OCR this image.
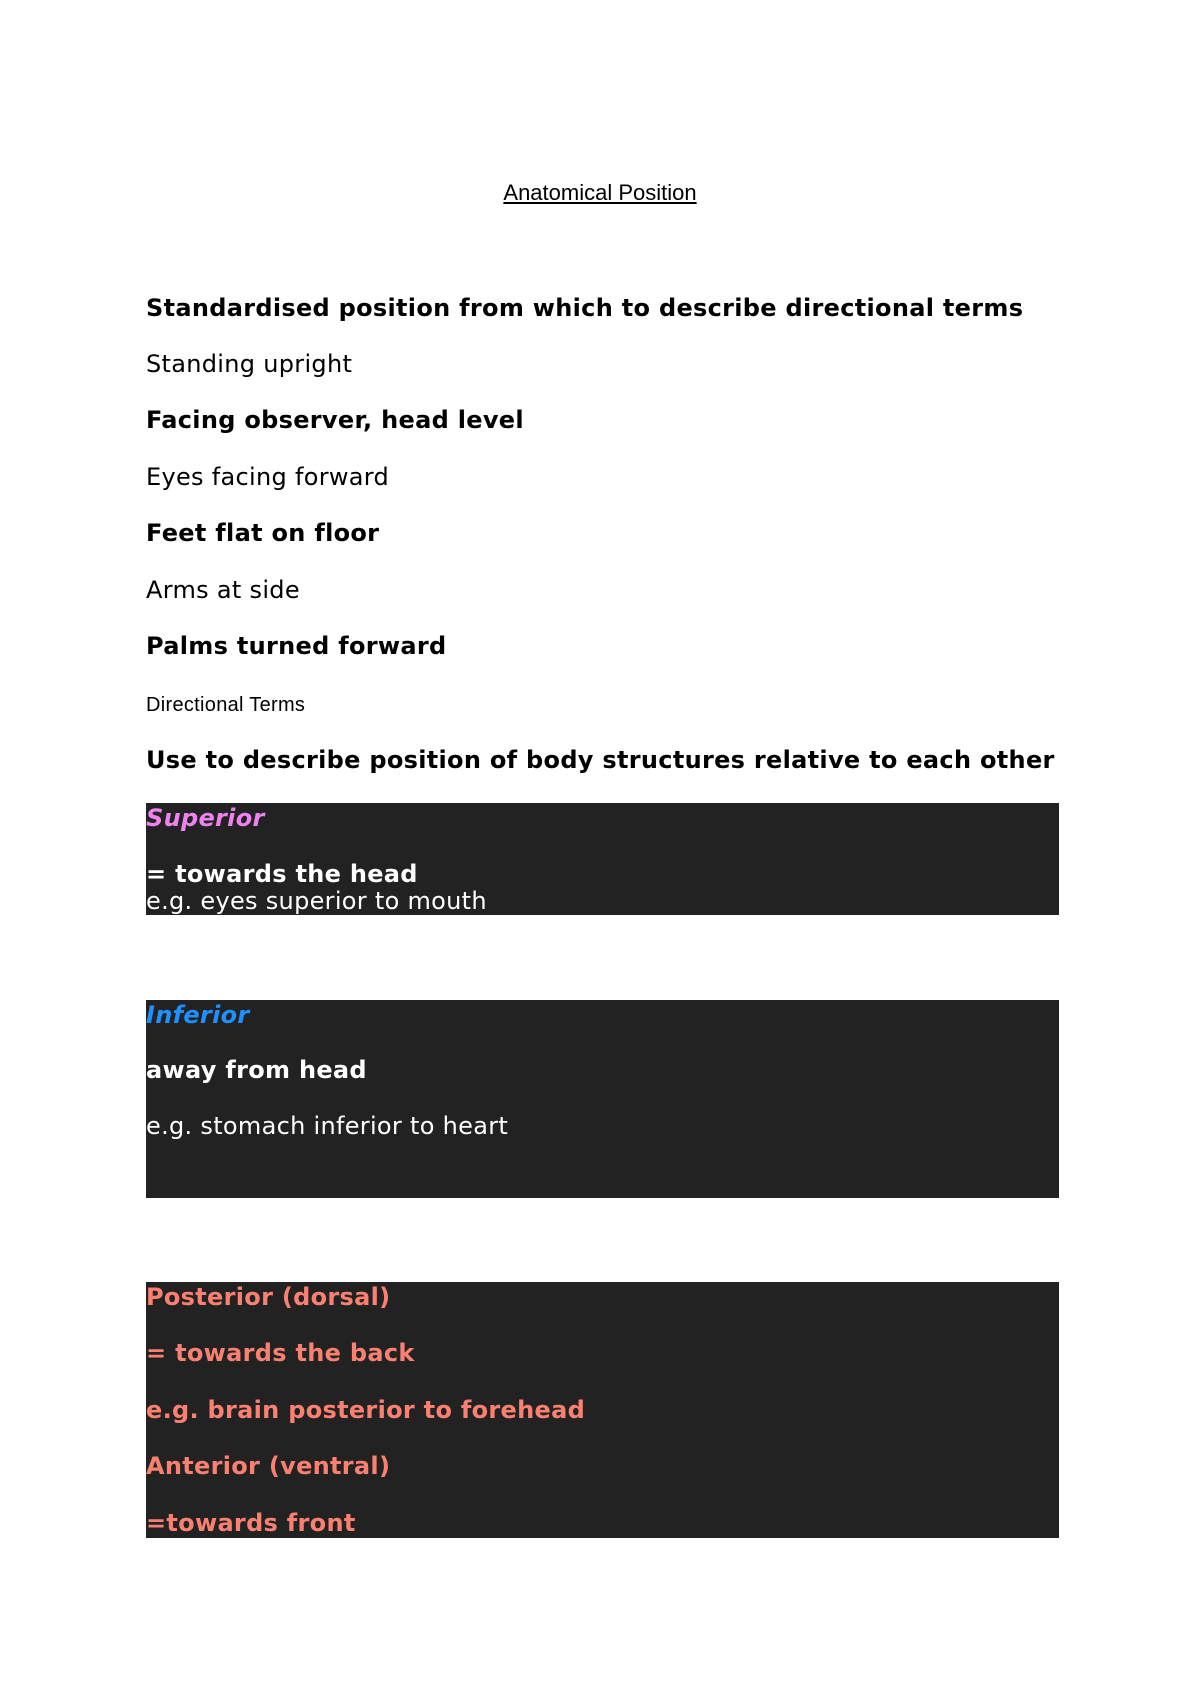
Anatomical Position
Standardised position from which to describe directional terms
Standing upright
Facing observer, head level
Eyes facing forward
Feet flat on floor
Arms at side
Palms turned forward
Directional Terms
Use to describe position of body structures relative to each other
Superior
= towards the head
e.g. eyes superior to mouth
Inferior
away from head
e.g. stomach inferior to heart
Posterior (dorsal)
= towards the back
e.g. brain posterior to forehead
Anterior (ventral)
=towards front
